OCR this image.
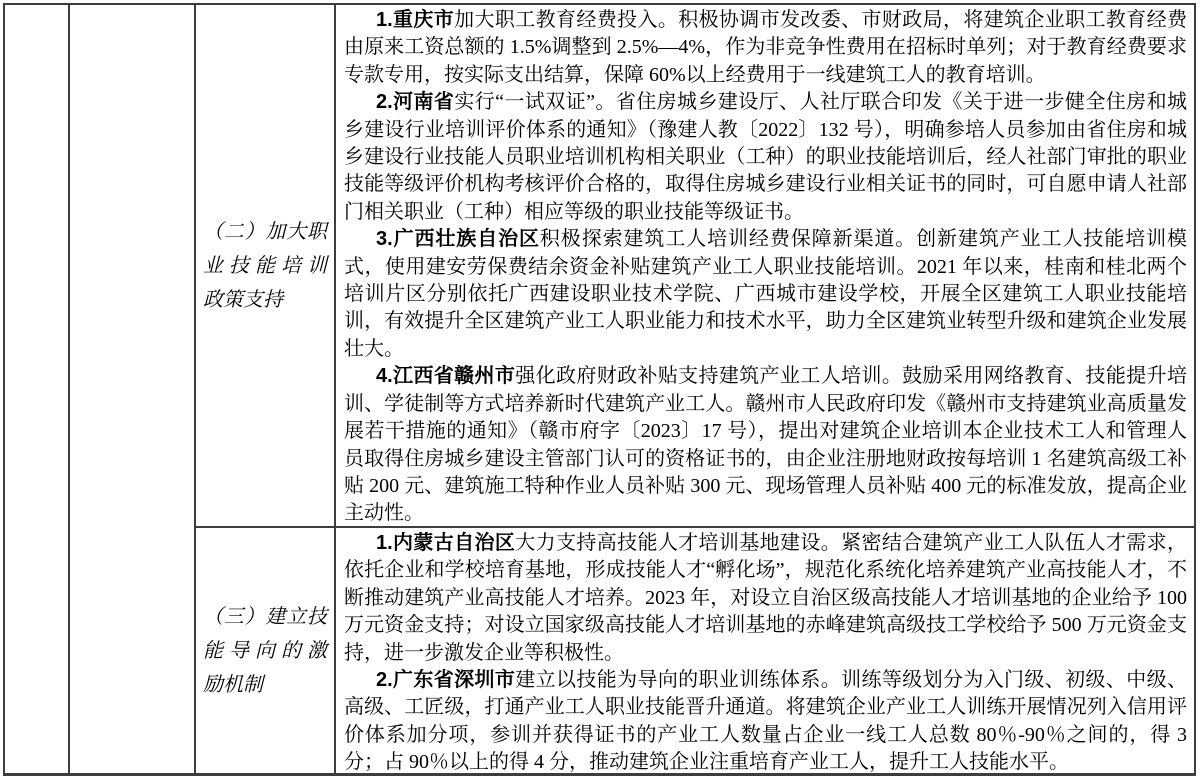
（二）加大职
业技能培训
政策支持

1.重庆市加大职工教育经费投入。积极协调市发改委、市财政局，将建筑企业职工教育经费由原来工资总额的 1.5%调整到 2.5%—4%，作为非竞争性费用在招标时单列；对于教育经费要求专款专用，按实际支出结算，保障 60%以上经费用于一线建筑工人的教育培训。

2.河南省实行“一试双证”。省住房城乡建设厅、人社厅联合印发《关于进一步健全住房和城乡建设行业培训评价体系的通知》（豫建人教〔2022〕132 号），明确参培人员参加由省住房和城乡建设行业技能人员职业培训机构相关职业（工种）的职业技能培训后，经人社部门审批的职业技能等级评价机构考核评价合格的，取得住房城乡建设行业相关证书的同时，可自愿申请人社部门相关职业（工种）相应等级的职业技能等级证书。

3.广西壮族自治区积极探索建筑工人培训经费保障新渠道。创新建筑产业工人技能培训模式，使用建安劳保费结余资金补贴建筑产业工人职业技能培训。2021 年以来，桂南和桂北两个培训片区分别依托广西建设职业技术学院、广西城市建设学校，开展全区建筑工人职业技能培训，有效提升全区建筑产业工人职业能力和技术水平，助力全区建筑业转型升级和建筑企业发展壮大。

4.江西省赣州市强化政府财政补贴支持建筑产业工人培训。鼓励采用网络教育、技能提升培训、学徒制等方式培养新时代建筑产业工人。赣州市人民政府印发《赣州市支持建筑业高质量发展若干措施的通知》（赣市府字〔2023〕17 号），提出对建筑企业培训本企业技术工人和管理人员取得住房城乡建设主管部门认可的资格证书的，由企业注册地财政按每培训 1 名建筑高级工补贴 200 元、建筑施工特种作业人员补贴 300 元、现场管理人员补贴 400 元的标准发放，提高企业主动性。

（三）建立技
能导向的激
励机制

1.内蒙古自治区大力支持高技能人才培训基地建设。紧密结合建筑产业工人队伍人才需求，依托企业和学校培育基地，形成技能人才“孵化场”，规范化系统化培养建筑产业高技能人才，不断推动建筑产业高技能人才培养。2023 年，对设立自治区级高技能人才培训基地的企业给予 100 万元资金支持；对设立国家级高技能人才培训基地的赤峰建筑高级技工学校给予 500 万元资金支持，进一步激发企业等积极性。

2.广东省深圳市建立以技能为导向的职业训练体系。训练等级划分为入门级、初级、中级、高级、工匠级，打通产业工人职业技能晋升通道。将建筑企业产业工人训练开展情况列入信用评价体系加分项，参训并获得证书的产业工人数量占企业一线工人总数 80％-90％之间的，得 3 分；占 90％以上的得 4 分，推动建筑企业注重培育产业工人，提升工人技能水平。
